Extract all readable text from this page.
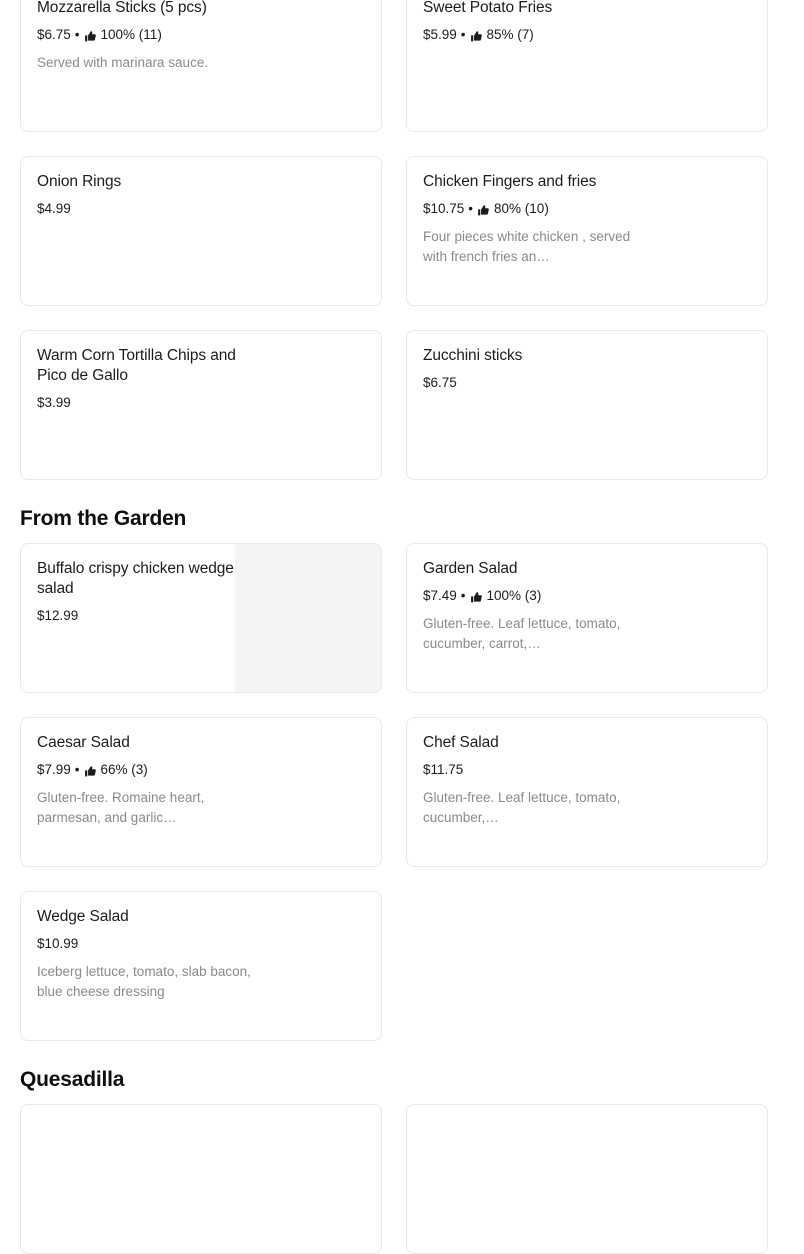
Mozzarella Sticks (5 pcs)
$6.75 • 100% (11)
Served with marinara sauce.
Sweet Potato Fries
$5.99 • 85% (7)
Onion Rings
$4.99
Chicken Fingers and fries
$10.75 • 80% (10)
Four pieces white chicken , served with french fries an…
Warm Corn Tortilla Chips and Pico de Gallo
$3.99
Zucchini sticks
$6.75
From the Garden
Buffalo crispy chicken wedge salad
$12.99
Garden Salad
$7.49 • 100% (3)
Gluten-free. Leaf lettuce, tomato, cucumber, carrot,…
Caesar Salad
$7.99 • 66% (3)
Gluten-free. Romaine heart, parmesan, and garlic…
Chef Salad
$11.75
Gluten-free. Leaf lettuce, tomato, cucumber,…
Wedge Salad
$10.99
Iceberg lettuce, tomato, slab bacon, blue cheese dressing
Quesadilla
